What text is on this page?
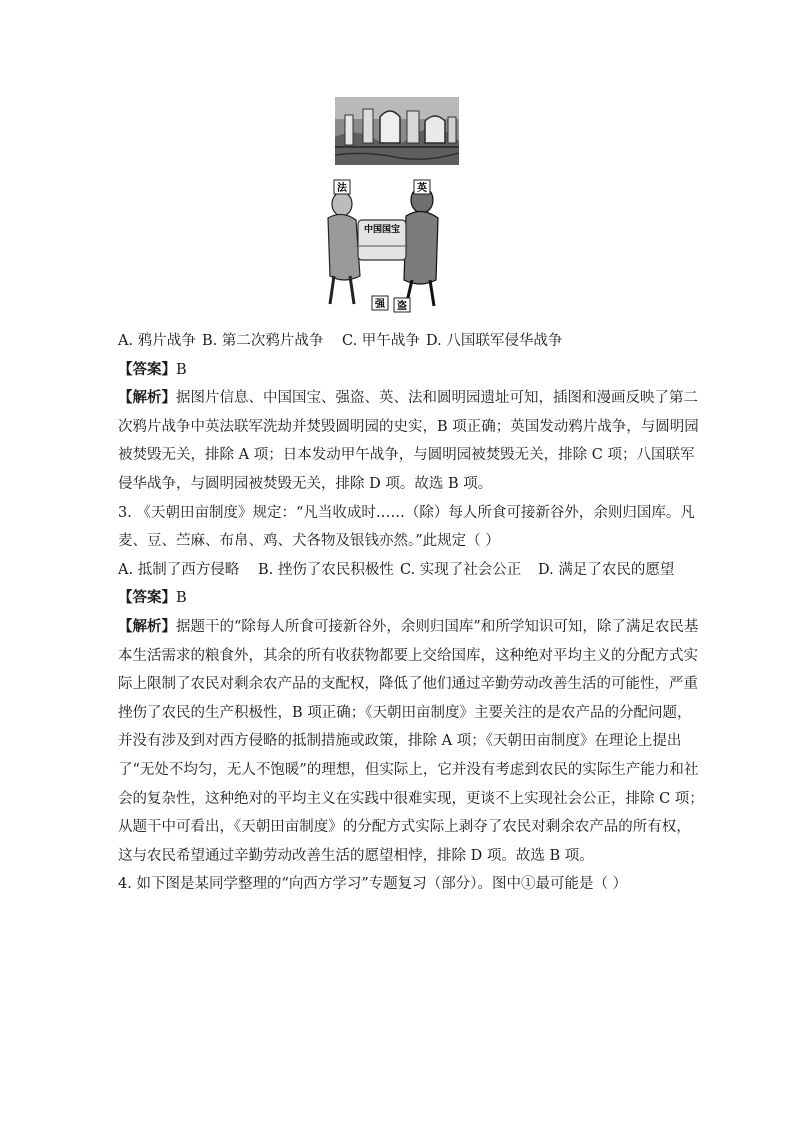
法	英
中国国宝
强 盗
A. 鸦片战争 B. 第二次鸦片战争	C. 甲午战争 D. 八国联军侵华战争
【答案】B
【解析】据图片信息、中国国宝、强盗、英、法和圆明园遗址可知，插图和漫画反映了第二
次鸦片战争中英法联军洗劫并焚毁圆明园的史实，B 项正确；英国发动鸦片战争，与圆明园
被焚毁无关，排除 A 项；日本发动甲午战争，与圆明园被焚毁无关，排除 C 项；八国联军
侵华战争，与圆明园被焚毁无关，排除 D 项。故选 B 项。
3. 《天朝田亩制度》规定：“凡当收成时……（除）每人所食可接新谷外，余则归国库。凡
麦、豆、苎麻、布帛、鸡、犬各物及银钱亦然。”此规定（ ）
A. 抵制了西方侵略	B. 挫伤了农民积极性 C. 实现了社会公正	D. 满足了农民的愿望
【答案】B
【解析】据题干的“除每人所食可接新谷外，余则归国库”和所学知识可知，除了满足农民基
本生活需求的粮食外，其余的所有收获物都要上交给国库，这种绝对平均主义的分配方式实
际上限制了农民对剩余农产品的支配权，降低了他们通过辛勤劳动改善生活的可能性，严重
挫伤了农民的生产积极性，B 项正确；《天朝田亩制度》主要关注的是农产品的分配问题，
并没有涉及到对西方侵略的抵制措施或政策，排除 A 项；《天朝田亩制度》在理论上提出
了“无处不均匀，无人不饱暖”的理想，但实际上，它并没有考虑到农民的实际生产能力和社
会的复杂性，这种绝对的平均主义在实践中很难实现，更谈不上实现社会公正，排除 C 项；
从题干中可看出，《天朝田亩制度》的分配方式实际上剥夺了农民对剩余农产品的所有权，
这与农民希望通过辛勤劳动改善生活的愿望相悖，排除 D 项。故选 B 项。
4. 如下图是某同学整理的“向西方学习”专题复习（部分）。图中①最可能是（ ）
